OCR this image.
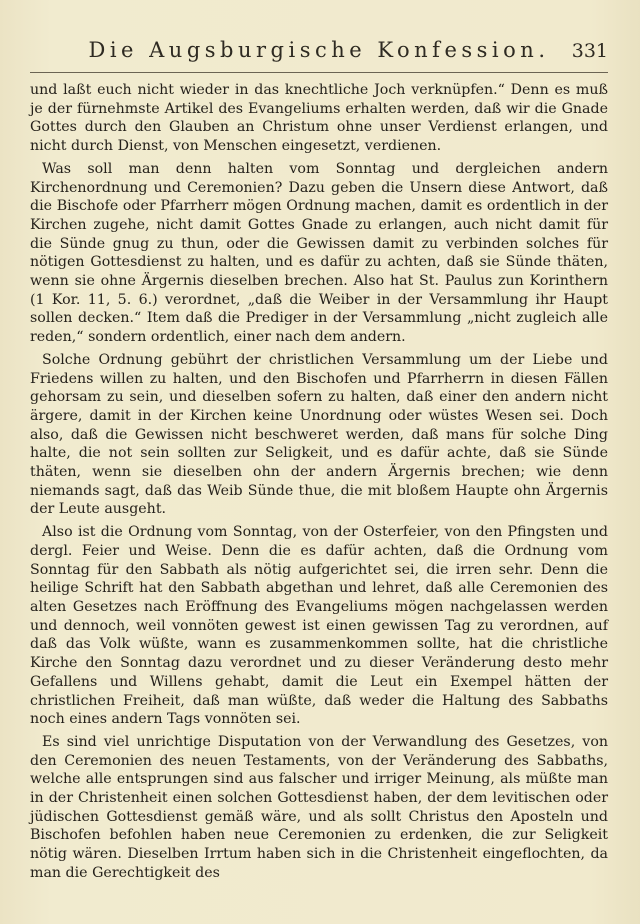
Die Augsburgische Konfession.	331

und laßt euch nicht wieder in das knechtliche Joch verknüpfen.“ Denn es muß je der fürnehmste Artikel des Evangeliums erhalten werden, daß wir die Gnade Gottes durch den Glauben an Christum ohne unser Verdienst erlangen, und nicht durch Dienst, von Menschen eingesetzt, verdienen.

Was soll man denn halten vom Sonntag und dergleichen andern Kirchenordnung und Ceremonien? Dazu geben die Unsern diese Antwort, daß die Bischofe oder Pfarrherr mögen Ordnung machen, damit es ordentlich in der Kirchen zugehe, nicht damit Gottes Gnade zu erlangen, auch nicht damit für die Sünde gnug zu thun, oder die Gewissen damit zu verbinden solches für nötigen Gottesdienst zu halten, und es dafür zu achten, daß sie Sünde thäten, wenn sie ohne Ärgernis dieselben brechen. Also hat St. Paulus zun Korinthern (1 Kor. 11, 5. 6.) verordnet, „daß die Weiber in der Versammlung ihr Haupt sollen decken.“ Item daß die Prediger in der Versammlung „nicht zugleich alle reden,“ sondern ordentlich, einer nach dem andern.

Solche Ordnung gebührt der christlichen Versammlung um der Liebe und Friedens willen zu halten, und den Bischofen und Pfarrherrn in diesen Fällen gehorsam zu sein, und dieselben sofern zu halten, daß einer den andern nicht ärgere, damit in der Kirchen keine Unordnung oder wüstes Wesen sei. Doch also, daß die Gewissen nicht beschweret werden, daß mans für solche Ding halte, die not sein sollten zur Seligkeit, und es dafür achte, daß sie Sünde thäten, wenn sie dieselben ohn der andern Ärgernis brechen; wie denn niemands sagt, daß das Weib Sünde thue, die mit bloßem Haupte ohn Ärgernis der Leute ausgeht.

Also ist die Ordnung vom Sonntag, von der Osterfeier, von den Pfingsten und dergl. Feier und Weise. Denn die es dafür achten, daß die Ordnung vom Sonntag für den Sabbath als nötig aufgerichtet sei, die irren sehr. Denn die heilige Schrift hat den Sabbath abgethan und lehret, daß alle Ceremonien des alten Gesetzes nach Eröffnung des Evangeliums mögen nachgelassen werden und dennoch, weil vonnöten gewest ist einen gewissen Tag zu verordnen, auf daß das Volk wüßte, wann es zusammenkommen sollte, hat die christliche Kirche den Sonntag dazu verordnet und zu dieser Veränderung desto mehr Gefallens und Willens gehabt, damit die Leut ein Exempel hätten der christlichen Freiheit, daß man wüßte, daß weder die Haltung des Sabbaths noch eines andern Tags vonnöten sei.

Es sind viel unrichtige Disputation von der Verwandlung des Gesetzes, von den Ceremonien des neuen Testaments, von der Veränderung des Sabbaths, welche alle entsprungen sind aus falscher und irriger Meinung, als müßte man in der Christenheit einen solchen Gottesdienst haben, der dem levitischen oder jüdischen Gottesdienst gemäß wäre, und als sollt Christus den Aposteln und Bischofen befohlen haben neue Ceremonien zu erdenken, die zur Seligkeit nötig wären. Dieselben Irrtum haben sich in die Christenheit eingeflochten, da man die Gerechtigkeit des
